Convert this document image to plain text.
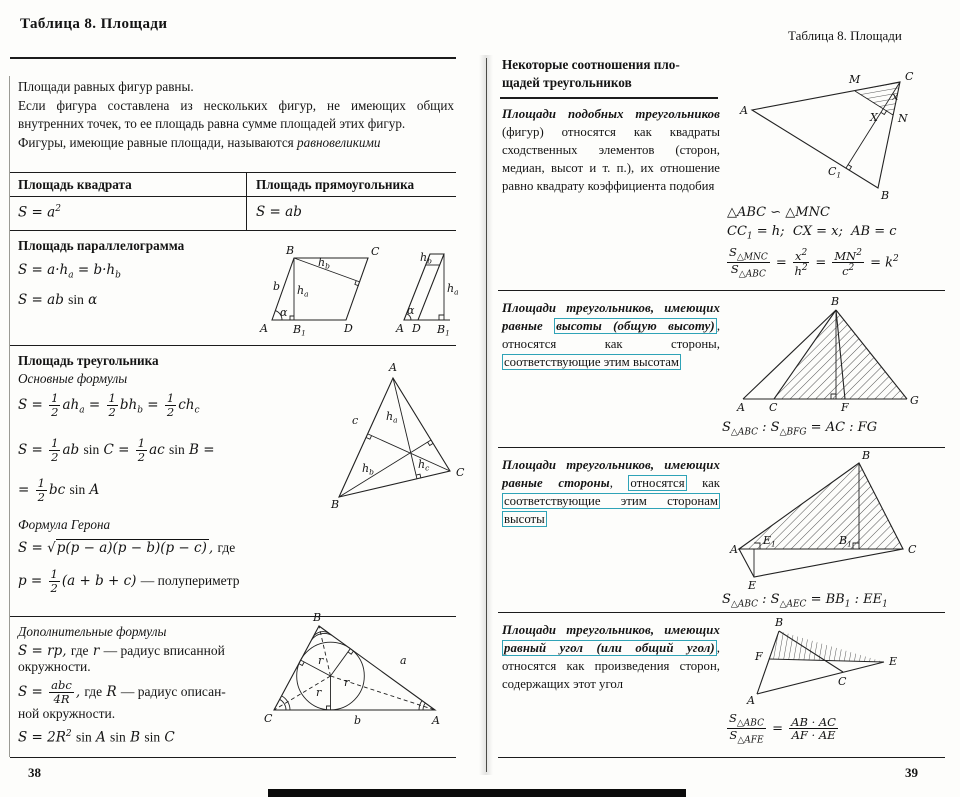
Таблица 8. Площади
Площади равных фигур равны.
Если фигура составлена из нескольких фигур, не имеющих общих внутренних точек, то ее площадь равна сумме площадей этих фигур.
Фигуры, имеющие равные площади, называются равновеликими
Площадь квадрата	Площадь прямоугольника
$S = a^2$	S = ab
Площадь параллелограмма
$S = a\cdot h_a = b\cdot h_b$
S = ab sin α
B	C
A	D
$B_1$
b
α
$h_a$
$h_b$
A D $B_1$
α
$h_a$
$h_b$
Площадь треугольника
Основные формулы
$S = \frac{1}{2} ah_a = \frac{1}{2} bh_b = \frac{1}{2} ch_c$
$S = \frac{1}{2}$ ab $\sin C = \frac{1}{2}$ ac sin B =
= $\frac{1}{2}$ bc sin A
Формула Герона
S = √p(p − a)(p − b)(p − c) , где
$p = \frac{1}{2} (a + b + c)$ — полупериметр
A
B
C
c	$h_a$
$h_b$
$h_c$
Дополнительные формулы
S = rp, где r — радиус вписанной
окружности.
$S = \frac{\text{abc}}{4R}$ , где R — радиус описан-
ной окружности.
$S = 2R^2$ sin A sin B sin C
B
C	A
a
b
r
r
r
38
Таблица 8. Площади
Некоторые соотношения пло-
щадей треугольников
Площади подобных треугольников (фигур) относятся как квадраты сходственных элементов (сторон, медиан, высот и т. п.), их отношение равно квадрату коэффициента подобия
A
C
B
M
N
X
x
$C_1$
△ABC ∽ △MNC
$CC_1 = h$;  CX = x;  AB = c
$\frac{S_{\triangle MNC}}{S_{\triangle ABC}} = \frac{x^2}{h^2} = \frac{MN^2}{c^2} = k^2$
Площади треугольников, имеющих равные высоты (общую высоту) , относятся как стороны, соответствующие этим высотам
B
A C	F
G
$S_{\triangle ABC}$ : $S_{\triangle BFG}$ = AC : FG
Площади треугольников, имеющих равные стороны, относятся как соответствующие этим сторонам высоты
A	C
B
E
$B_1$
$E_1$
$S_{\triangle ABC}$ : $S_{\triangle AEC} = BB_1$ : $EE_1$
Площади треугольников, имеющих равный угол (или общий угол) , относятся как произведения сторон, содержащих этот угол
B
F
A
E
C
$\frac{S_{\triangle ABC}}{S_{\triangle AFE}} = \frac{AB \cdot AC}{AF \cdot AE}$
39
